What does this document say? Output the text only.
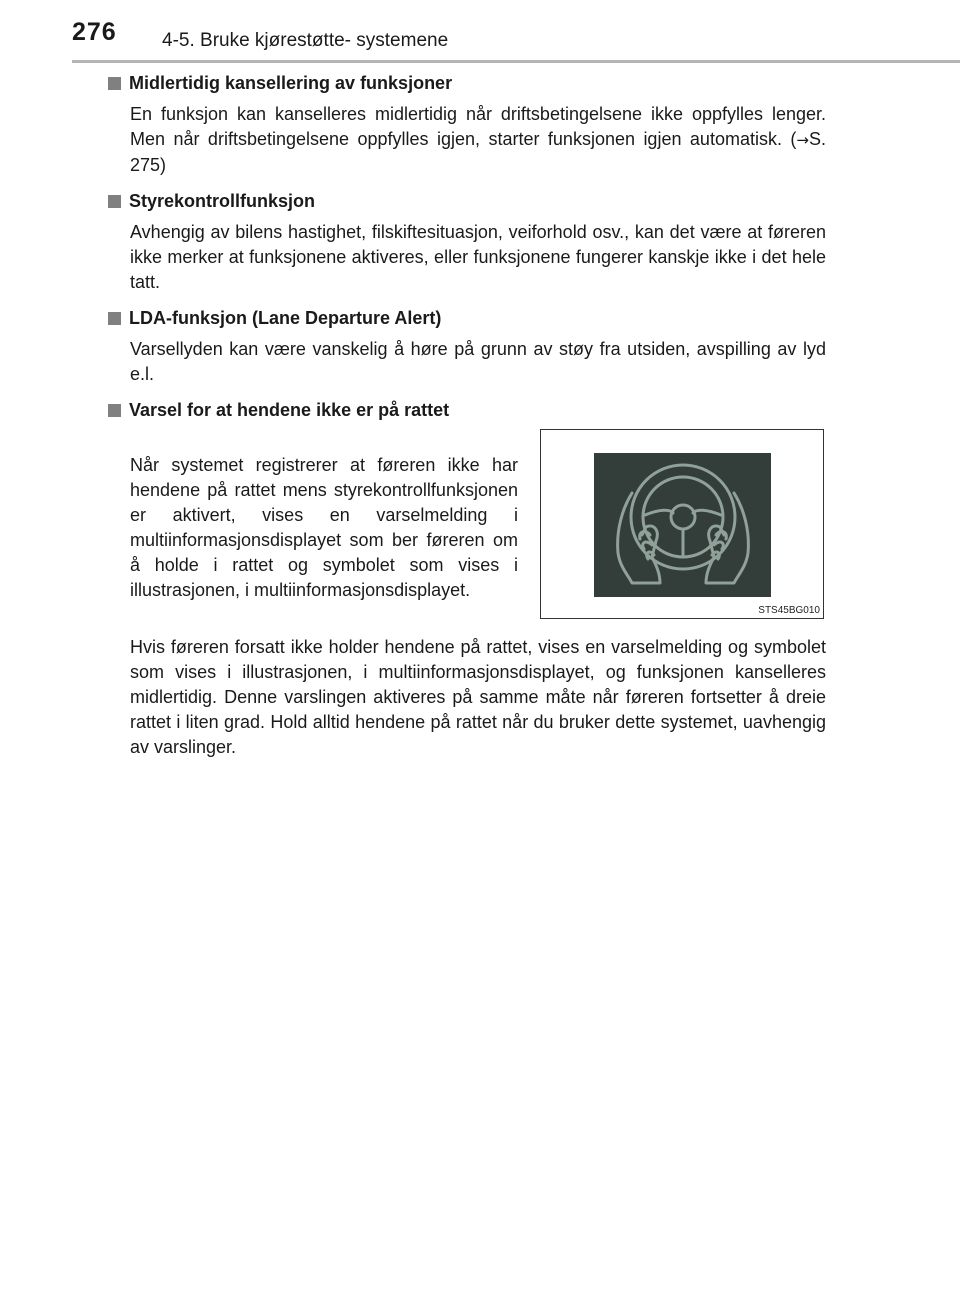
276 4-5. Bruke kjørestøtte- systemene
Midlertidig kansellering av funksjoner
En funksjon kan kanselleres midlertidig når driftsbetingelsene ikke oppfylles lenger. Men når driftsbetingelsene oppfylles igjen, starter funksjonen igjen automatisk. (→S. 275)
Styrekontrollfunksjon
Avhengig av bilens hastighet, filskiftesituasjon, veiforhold osv., kan det være at føreren ikke merker at funksjonene aktiveres, eller funksjonene fungerer kanskje ikke i det hele tatt.
LDA-funksjon (Lane Departure Alert)
Varsellyden kan være vanskelig å høre på grunn av støy fra utsiden, avspilling av lyd e.l.
Varsel for at hendene ikke er på rattet
Når systemet registrerer at føreren ikke har hendene på rattet mens styrekontrollfunksjonen er aktivert, vises en varselmelding i multiinformasjonsdisplayet som ber føreren om å holde i rattet og symbolet som vises i illustrasjonen, i multiinformasjonsdisplayet.
STS45BG010
Hvis føreren forsatt ikke holder hendene på rattet, vises en varselmelding og symbolet som vises i illustrasjonen, i multiinformasjonsdisplayet, og funksjonen kanselleres midlertidig. Denne varslingen aktiveres på samme måte når føreren fortsetter å dreie rattet i liten grad. Hold alltid hendene på rattet når du bruker dette systemet, uavhengig av varslinger.
